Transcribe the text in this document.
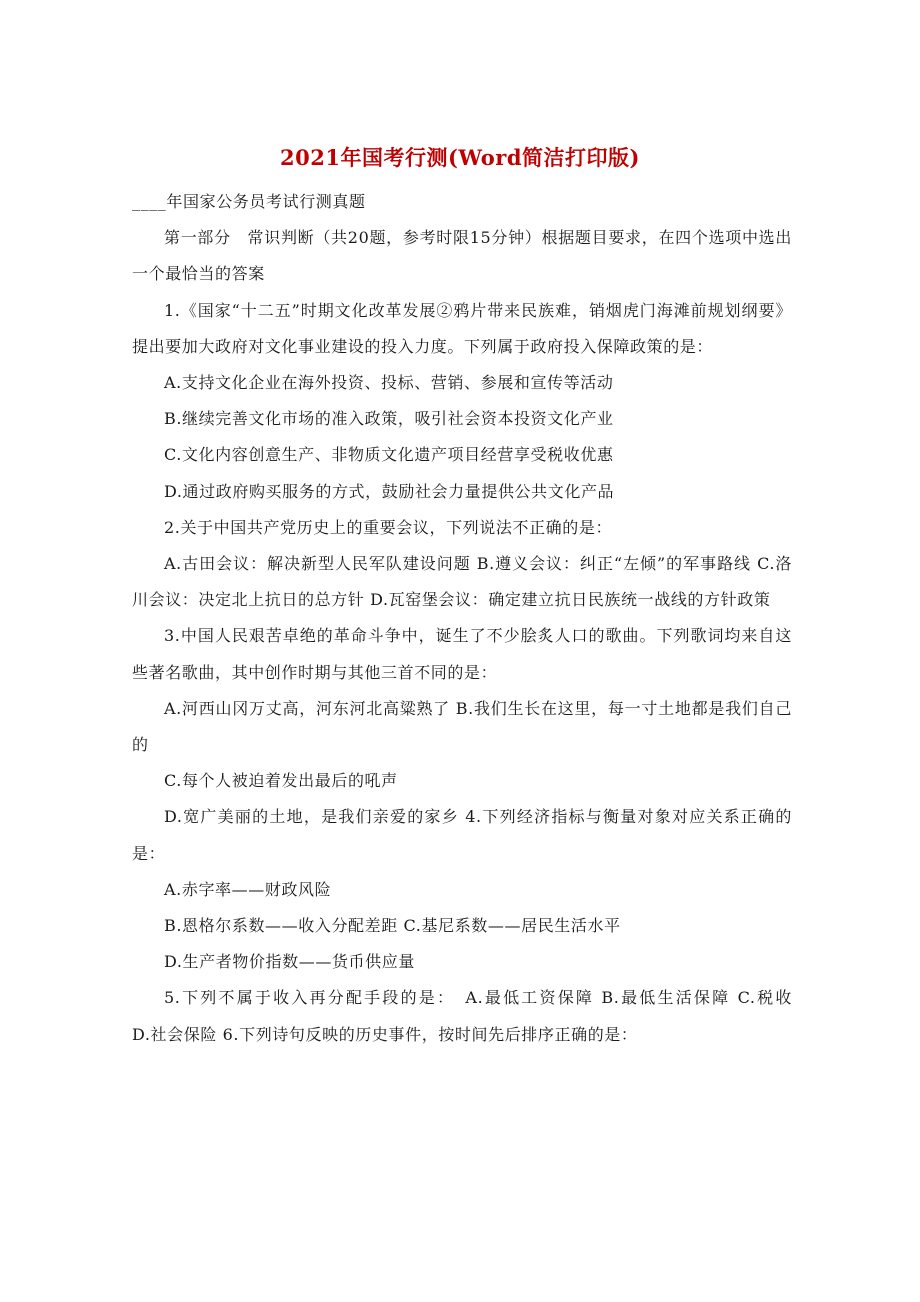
2021年国考行测(Word简洁打印版)

____年国家公务员考试行测真题

第一部分　常识判断（共20题，参考时限15分钟）根据题目要求，在四个选项中选出一个最恰当的答案

1.《国家“十二五”时期文化改革发展②鸦片带来民族难，销烟虎门海滩前规划纲要》提出要加大政府对文化事业建设的投入力度。下列属于政府投入保障政策的是：

A.支持文化企业在海外投资、投标、营销、参展和宣传等活动

B.继续完善文化市场的准入政策，吸引社会资本投资文化产业

C.文化内容创意生产、非物质文化遗产项目经营享受税收优惠

D.通过政府购买服务的方式，鼓励社会力量提供公共文化产品

2.关于中国共产党历史上的重要会议，下列说法不正确的是：

A.古田会议：解决新型人民军队建设问题 B.遵义会议：纠正“左倾”的军事路线 C.洛川会议：决定北上抗日的总方针 D.瓦窑堡会议：确定建立抗日民族统一战线的方针政策

3.中国人民艰苦卓绝的革命斗争中，诞生了不少脍炙人口的歌曲。下列歌词均来自这些著名歌曲，其中创作时期与其他三首不同的是：

A.河西山冈万丈高，河东河北高粱熟了 B.我们生长在这里，每一寸土地都是我们自己的

C.每个人被迫着发出最后的吼声

D.宽广美丽的土地，是我们亲爱的家乡 4.下列经济指标与衡量对象对应关系正确的是：

A.赤字率——财政风险

B.恩格尔系数——收入分配差距 C.基尼系数——居民生活水平

D.生产者物价指数——货币供应量

5.下列不属于收入再分配手段的是：　A.最低工资保障 B.最低生活保障 C.税收　　　D.社会保险 6.下列诗句反映的历史事件，按时间先后排序正确的是：
